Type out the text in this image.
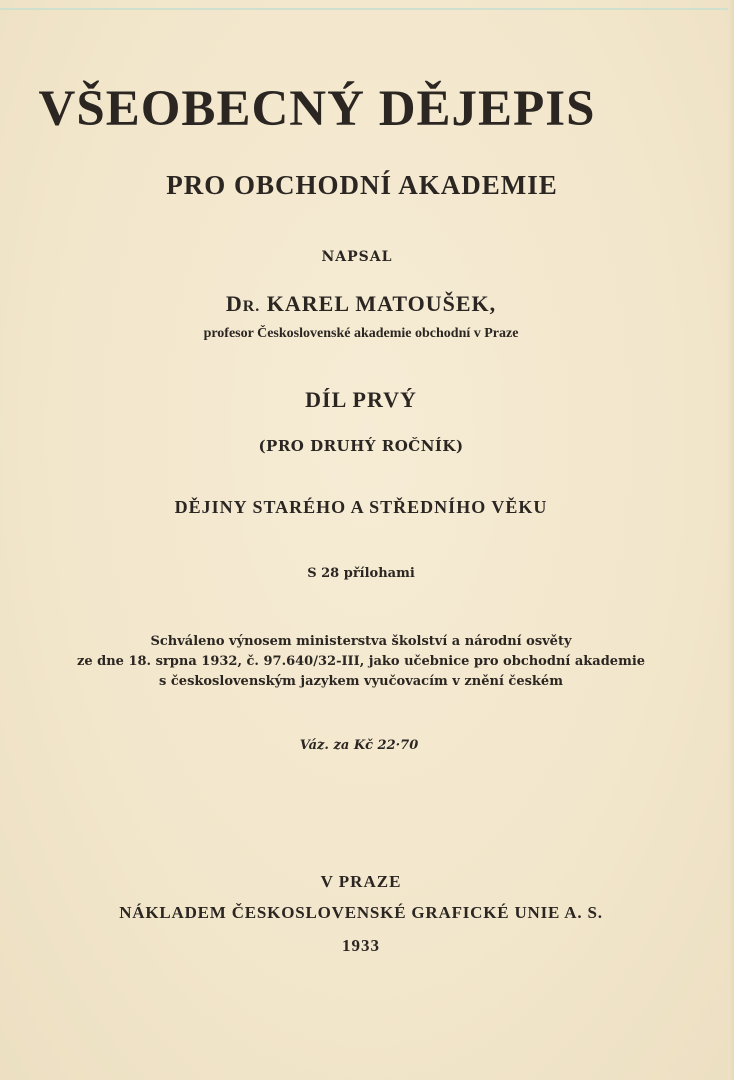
VŠEOBECNÝ DĚJEPIS
PRO OBCHODNÍ AKADEMIE
NAPSAL
DR. KAREL MATOUŠEK,
profesor Československé akademie obchodní v Praze
DÍL PRVÝ
(PRO DRUHÝ ROČNÍK)
DĚJINY STARÉHO A STŘEDNÍHO VĚKU
S 28 přílohami
Schváleno výnosem ministerstva školství a národní osvěty
ze dne 18. srpna 1932, č. 97.640/32-III, jako učebnice pro obchodní akademie
s československým jazykem vyučovacím v znění českém
Váz. za Kč 22·70
V PRAZE
NÁKLADEM ČESKOSLOVENSKÉ GRAFICKÉ UNIE A. S.
1933
